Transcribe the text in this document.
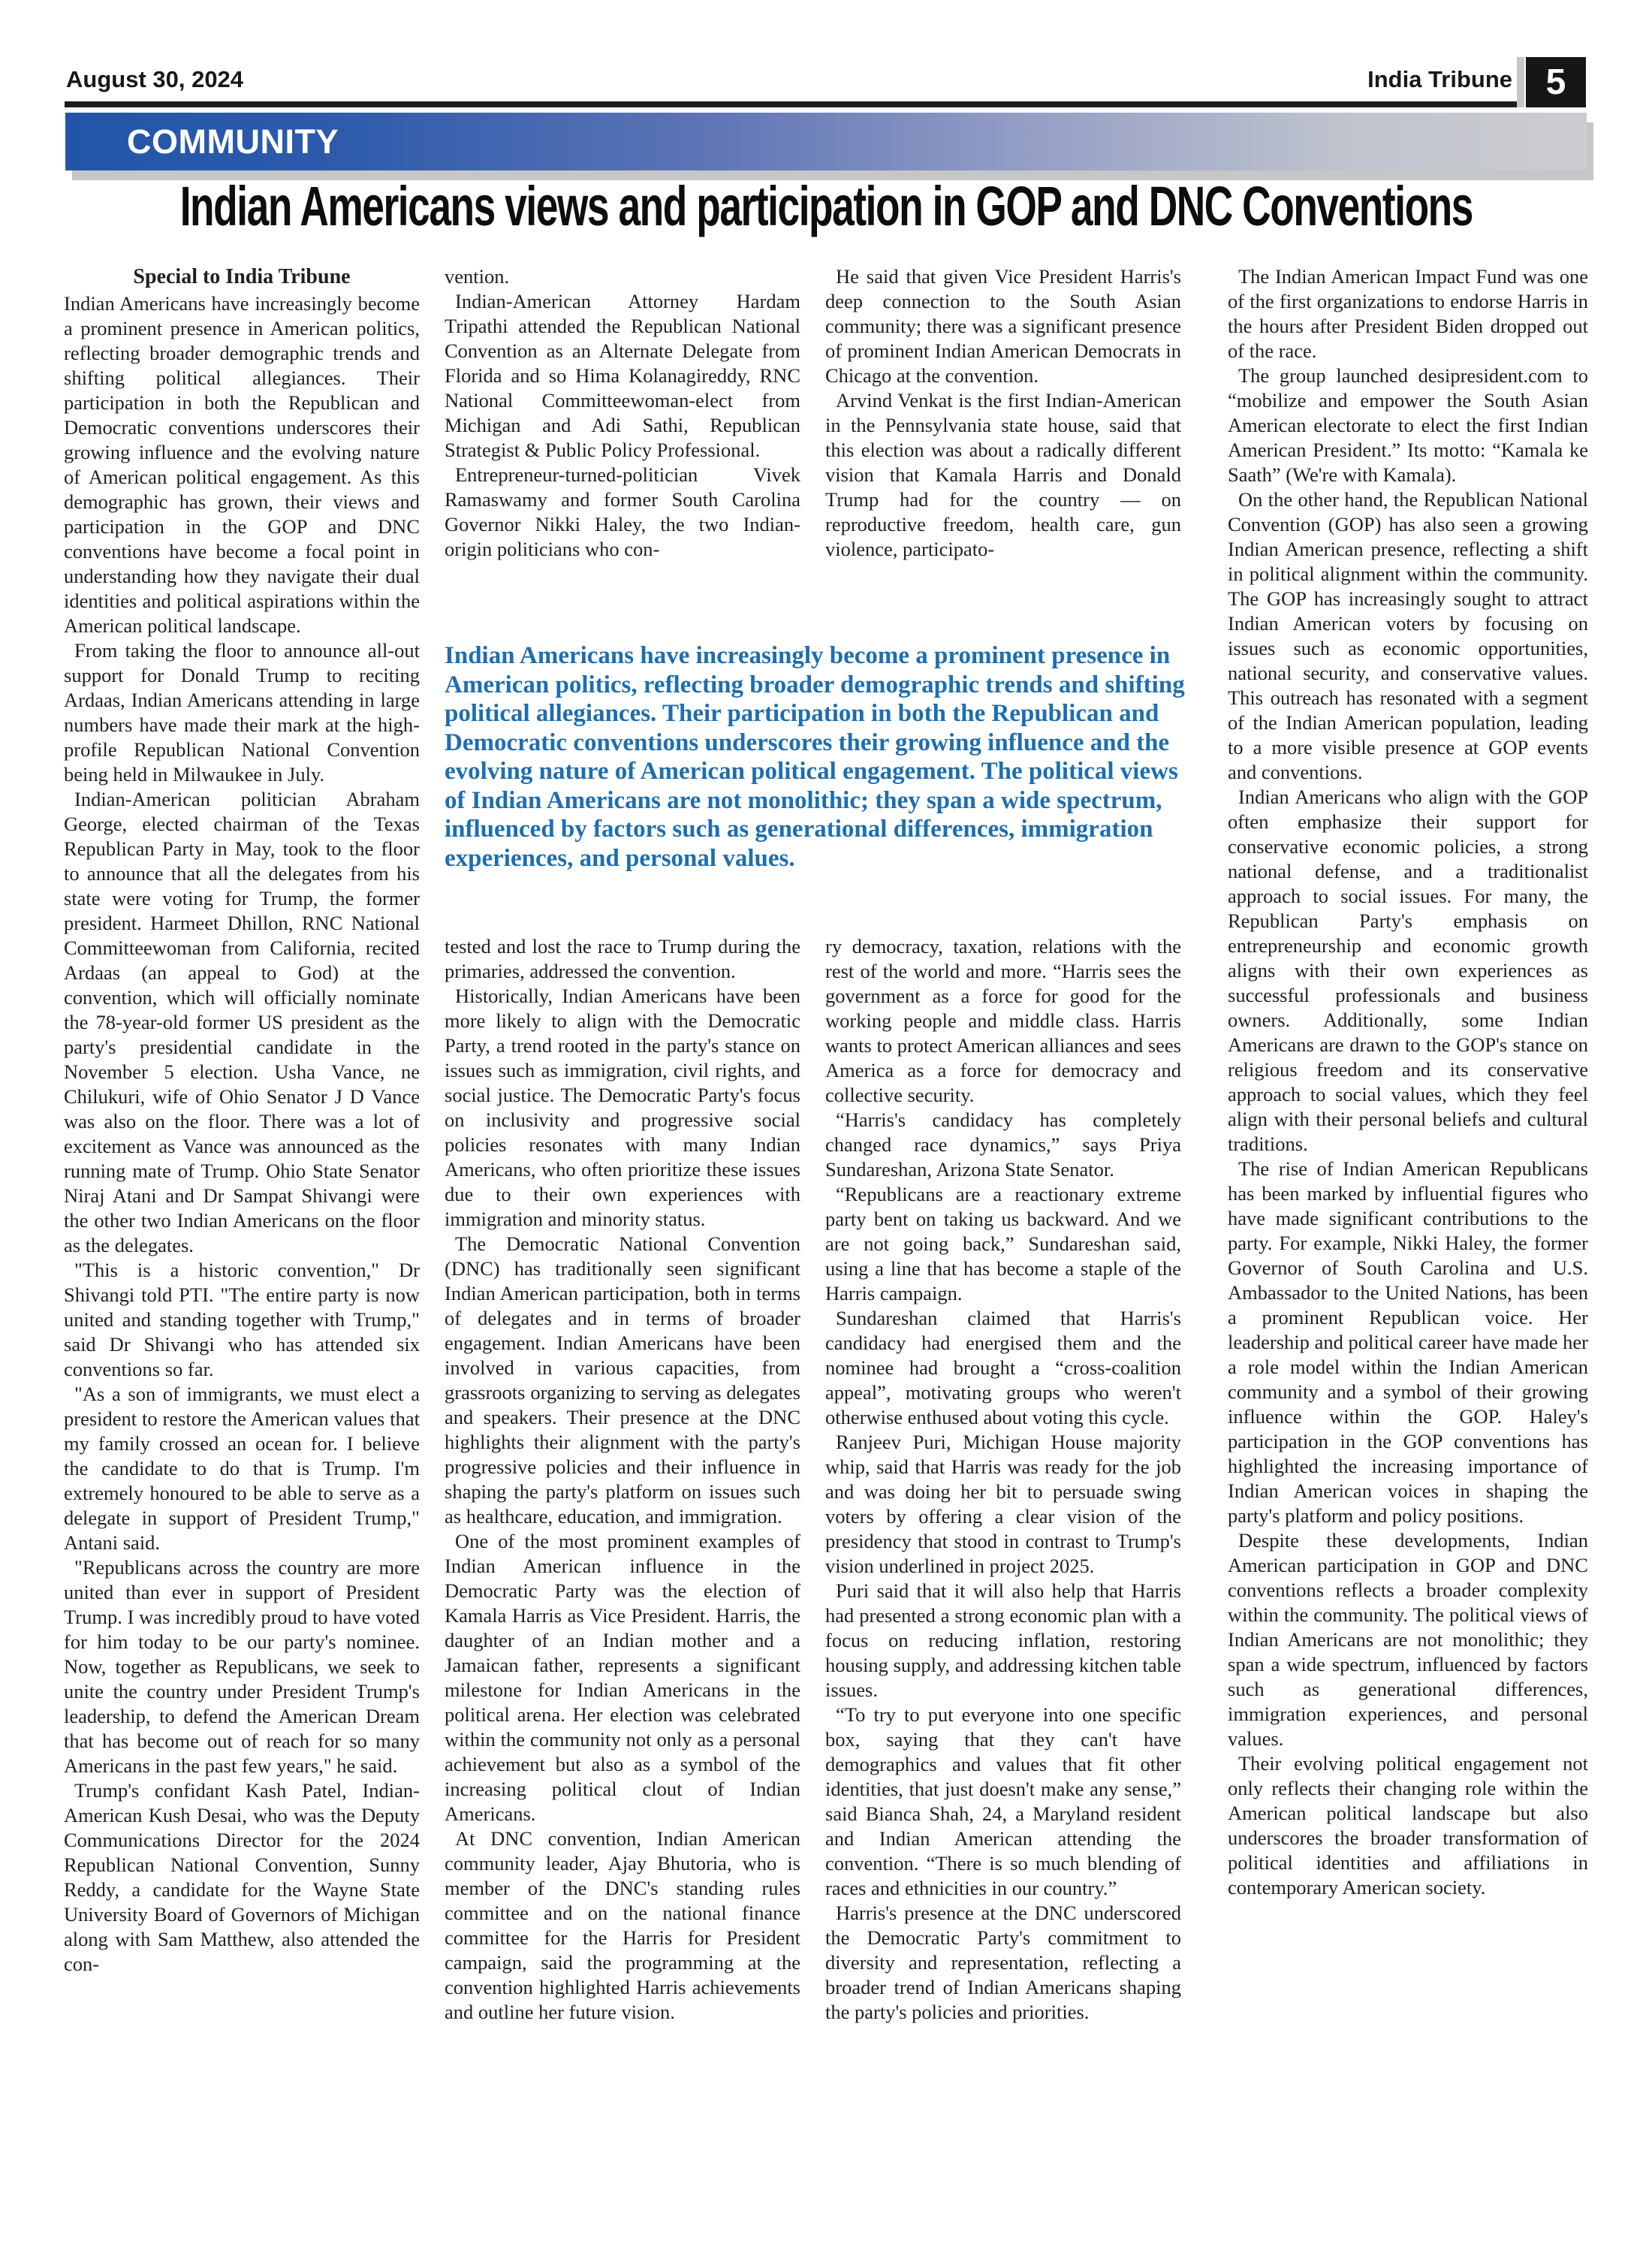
August 30, 2024	India Tribune 5
COMMUNITY
Indian Americans views and participation in GOP and DNC Conventions
Special to India Tribune

Indian Americans have increasingly become a prominent presence in American politics, reflecting broader demographic trends and shifting political allegiances. Their participation in both the Republican and Democratic conventions underscores their growing influence and the evolving nature of American political engagement. As this demographic has grown, their views and participation in the GOP and DNC conventions have become a focal point in understanding how they navigate their dual identities and political aspirations within the American political landscape.

From taking the floor to announce all-out support for Donald Trump to reciting Ardaas, Indian Americans attending in large numbers have made their mark at the high-profile Republican National Convention being held in Milwaukee in July.

Indian-American politician Abraham George, elected chairman of the Texas Republican Party in May, took to the floor to announce that all the delegates from his state were voting for Trump, the former president. Harmeet Dhillon, RNC National Committeewoman from California, recited Ardaas (an appeal to God) at the convention, which will officially nominate the 78-year-old former US president as the party's presidential candidate in the November 5 election. Usha Vance, ne Chilukuri, wife of Ohio Senator J D Vance was also on the floor. There was a lot of excitement as Vance was announced as the running mate of Trump. Ohio State Senator Niraj Atani and Dr Sampat Shivangi were the other two Indian Americans on the floor as the delegates.

"This is a historic convention," Dr Shivangi told PTI. "The entire party is now united and standing together with Trump," said Dr Shivangi who has attended six conventions so far.

"As a son of immigrants, we must elect a president to restore the American values that my family crossed an ocean for. I believe the candidate to do that is Trump. I'm extremely honoured to be able to serve as a delegate in support of President Trump," Antani said.

"Republicans across the country are more united than ever in support of President Trump. I was incredibly proud to have voted for him today to be our party's nominee. Now, together as Republicans, we seek to unite the country under President Trump's leadership, to defend the American Dream that has become out of reach for so many Americans in the past few years," he said.

Trump's confidant Kash Patel, Indian-American Kush Desai, who was the Deputy Communications Director for the 2024 Republican National Convention, Sunny Reddy, a candidate for the Wayne State University Board of Governors of Michigan along with Sam Matthew, also attended the con-

vention.

Indian-American Attorney Hardam Tripathi attended the Republican National Convention as an Alternate Delegate from Florida and so Hima Kolanagireddy, RNC National Committeewoman-elect from Michigan and Adi Sathi, Republican Strategist & Public Policy Professional.

Entrepreneur-turned-politician Vivek Ramaswamy and former South Carolina Governor Nikki Haley, the two Indian-origin politicians who con-

He said that given Vice President Harris's deep connection to the South Asian community; there was a significant presence of prominent Indian American Democrats in Chicago at the convention.

Arvind Venkat is the first Indian-American in the Pennsylvania state house, said that this election was about a radically different vision that Kamala Harris and Donald Trump had for the country — on reproductive freedom, health care, gun violence, participato-

Indian Americans have increasingly become a prominent presence in American politics, reflecting broader demographic trends and shifting political allegiances. Their participation in both the Republican and Democratic conventions underscores their growing influence and the evolving nature of American political engagement. The political views of Indian Americans are not monolithic; they span a wide spectrum, influenced by factors such as generational differences, immigration experiences, and personal values.

tested and lost the race to Trump during the primaries, addressed the convention.

Historically, Indian Americans have been more likely to align with the Democratic Party, a trend rooted in the party's stance on issues such as immigration, civil rights, and social justice. The Democratic Party's focus on inclusivity and progressive social policies resonates with many Indian Americans, who often prioritize these issues due to their own experiences with immigration and minority status.

The Democratic National Convention (DNC) has traditionally seen significant Indian American participation, both in terms of delegates and in terms of broader engagement. Indian Americans have been involved in various capacities, from grassroots organizing to serving as delegates and speakers. Their presence at the DNC highlights their alignment with the party's progressive policies and their influence in shaping the party's platform on issues such as healthcare, education, and immigration.

One of the most prominent examples of Indian American influence in the Democratic Party was the election of Kamala Harris as Vice President. Harris, the daughter of an Indian mother and a Jamaican father, represents a significant milestone for Indian Americans in the political arena. Her election was celebrated within the community not only as a personal achievement but also as a symbol of the increasing political clout of Indian Americans.

At DNC convention, Indian American community leader, Ajay Bhutoria, who is member of the DNC's standing rules committee and on the national finance committee for the Harris for President campaign, said the programming at the convention highlighted Harris achievements and outline her future vision.

ry democracy, taxation, relations with the rest of the world and more. “Harris sees the government as a force for good for the working people and middle class. Harris wants to protect American alliances and sees America as a force for democracy and collective security.

“Harris's candidacy has completely changed race dynamics,” says Priya Sundareshan, Arizona State Senator.

“Republicans are a reactionary extreme party bent on taking us backward. And we are not going back,” Sundareshan said, using a line that has become a staple of the Harris campaign.

Sundareshan claimed that Harris's candidacy had energised them and the nominee had brought a “cross-coalition appeal”, motivating groups who weren't otherwise enthused about voting this cycle.

Ranjeev Puri, Michigan House majority whip, said that Harris was ready for the job and was doing her bit to persuade swing voters by offering a clear vision of the presidency that stood in contrast to Trump's vision underlined in project 2025.

Puri said that it will also help that Harris had presented a strong economic plan with a focus on reducing inflation, restoring housing supply, and addressing kitchen table issues.

“To try to put everyone into one specific box, saying that they can't have demographics and values that fit other identities, that just doesn't make any sense,” said Bianca Shah, 24, a Maryland resident and Indian American attending the convention. “There is so much blending of races and ethnicities in our country.”

Harris's presence at the DNC underscored the Democratic Party's commitment to diversity and representation, reflecting a broader trend of Indian Americans shaping the party's policies and priorities.

The Indian American Impact Fund was one of the first organizations to endorse Harris in the hours after President Biden dropped out of the race.

The group launched desipresident.com to “mobilize and empower the South Asian American electorate to elect the first Indian American President.” Its motto: “Kamala ke Saath” (We're with Kamala).

On the other hand, the Republican National Convention (GOP) has also seen a growing Indian American presence, reflecting a shift in political alignment within the community. The GOP has increasingly sought to attract Indian American voters by focusing on issues such as economic opportunities, national security, and conservative values. This outreach has resonated with a segment of the Indian American population, leading to a more visible presence at GOP events and conventions.

Indian Americans who align with the GOP often emphasize their support for conservative economic policies, a strong national defense, and a traditionalist approach to social issues. For many, the Republican Party's emphasis on entrepreneurship and economic growth aligns with their own experiences as successful professionals and business owners. Additionally, some Indian Americans are drawn to the GOP's stance on religious freedom and its conservative approach to social values, which they feel align with their personal beliefs and cultural traditions.

The rise of Indian American Republicans has been marked by influential figures who have made significant contributions to the party. For example, Nikki Haley, the former Governor of South Carolina and U.S. Ambassador to the United Nations, has been a prominent Republican voice. Her leadership and political career have made her a role model within the Indian American community and a symbol of their growing influence within the GOP. Haley's participation in the GOP conventions has highlighted the increasing importance of Indian American voices in shaping the party's platform and policy positions.

Despite these developments, Indian American participation in GOP and DNC conventions reflects a broader complexity within the community. The political views of Indian Americans are not monolithic; they span a wide spectrum, influenced by factors such as generational differences, immigration experiences, and personal values.

Their evolving political engagement not only reflects their changing role within the American political landscape but also underscores the broader transformation of political identities and affiliations in contemporary American society.
